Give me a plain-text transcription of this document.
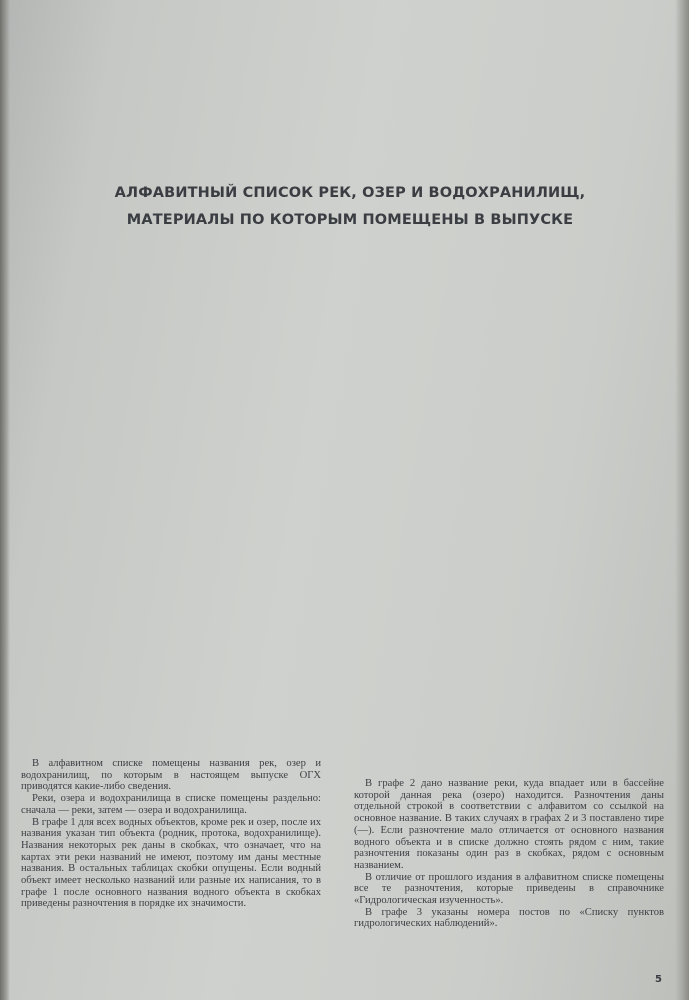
АЛФАВИТНЫЙ СПИСОК РЕК, ОЗЕР И ВОДОХРАНИЛИЩ,
МАТЕРИАЛЫ ПО КОТОРЫМ ПОМЕЩЕНЫ В ВЫПУСКЕ

В алфавитном списке помещены названия рек, озер и водохранилищ, по которым в настоящем выпуске ОГХ приводятся какие-либо сведения.

Реки, озера и водохранилища в списке помещены раздельно: сначала — реки, затем — озера и водохранилища.

В графе 1 для всех водных объектов, кроме рек и озер, после их названия указан тип объекта (родник, протока, водохранилище). Названия некоторых рек даны в скобках, что означает, что на картах эти реки названий не имеют, поэтому им даны местные названия. В остальных таблицах скобки опущены. Если водный объект имеет несколько названий или разные их написания, то в графе 1 после основного названия водного объекта в скобках приведены разночтения в порядке их значимости.

В графе 2 дано название реки, куда впадает или в бассейне которой данная река (озеро) находится. Разночтения даны отдельной строкой в соответствии с алфавитом со ссылкой на основное название. В таких случаях в графах 2 и 3 поставлено тире (—). Если разночтение мало отличается от основного названия водного объекта и в списке должно стоять рядом с ним, такие разночтения показаны один раз в скобках, рядом с основным названием.

В отличие от прошлого издания в алфавитном списке помещены все те разночтения, которые приведены в справочнике «Гидрологическая изученность».

В графе 3 указаны номера постов по «Списку пунктов гидрологических наблюдений».

5
